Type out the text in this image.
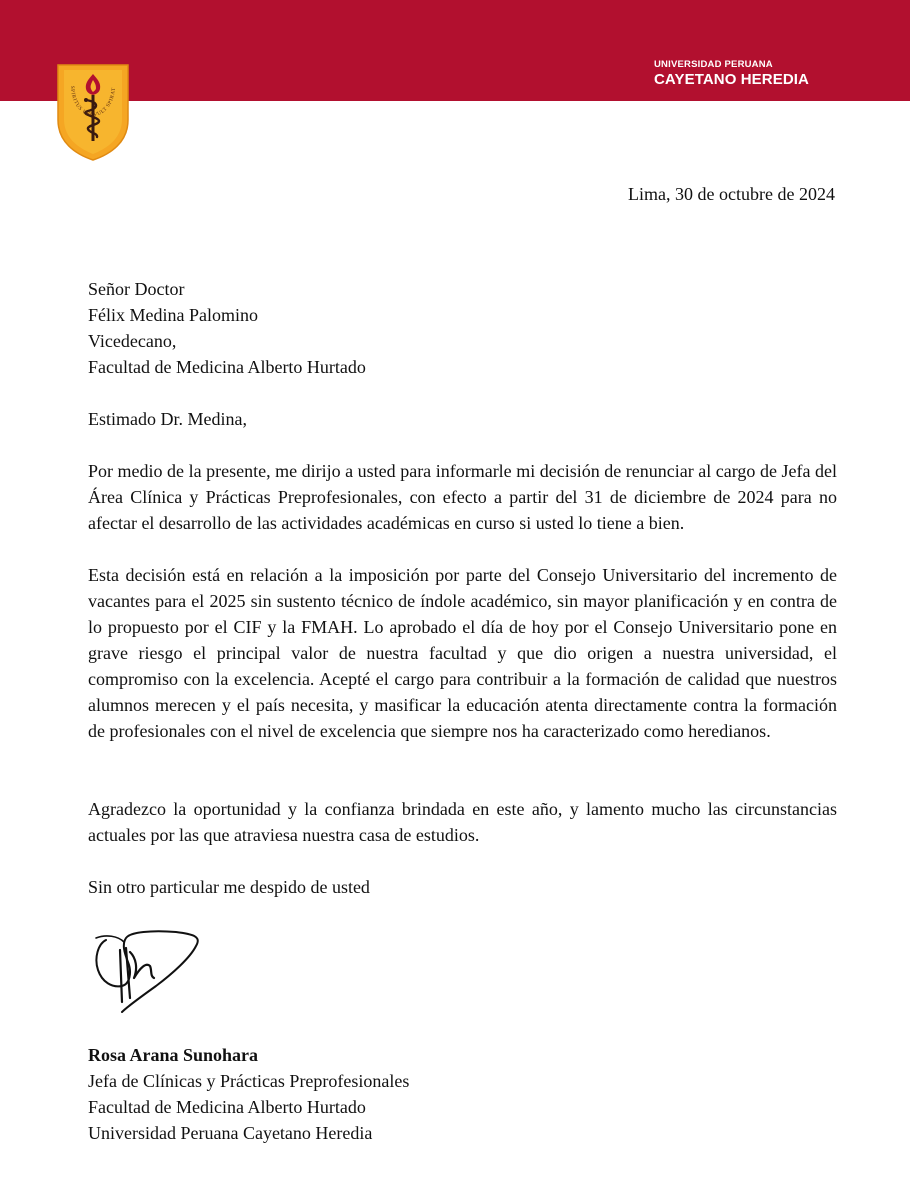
SPIRITUS UBI VULT SPIRAT
UNIVERSIDAD PERUANA
CAYETANO HEREDIA
Lima, 30 de octubre de 2024
Señor Doctor
Félix Medina Palomino
Vicedecano,
Facultad de Medicina Alberto Hurtado
Estimado Dr. Medina,
Por medio de la presente, me dirijo a usted para informarle mi decisión de renunciar al cargo de Jefa del Área Clínica y Prácticas Preprofesionales, con efecto a partir del 31 de diciembre de 2024 para no afectar el desarrollo de las actividades académicas en curso si usted lo tiene a bien.
Esta decisión está en relación a la imposición por parte del Consejo Universitario del incremento de vacantes para el 2025 sin sustento técnico de índole académico, sin mayor planificación y en contra de lo propuesto por el CIF y la FMAH. Lo aprobado el día de hoy por el Consejo Universitario pone en grave riesgo el principal valor de nuestra facultad y que dio origen a nuestra universidad, el compromiso con la excelencia. Acepté el cargo para contribuir a la formación de calidad que nuestros alumnos merecen y el país necesita, y masificar la educación atenta directamente contra la formación de profesionales con el nivel de excelencia que siempre nos ha caracterizado como heredianos.
Agradezco la oportunidad y la confianza brindada en este año, y lamento mucho las circunstancias actuales por las que atraviesa nuestra casa de estudios.
Sin otro particular me despido de usted
Rosa Arana Sunohara
Jefa de Clínicas y Prácticas Preprofesionales
Facultad de Medicina Alberto Hurtado
Universidad Peruana Cayetano Heredia
